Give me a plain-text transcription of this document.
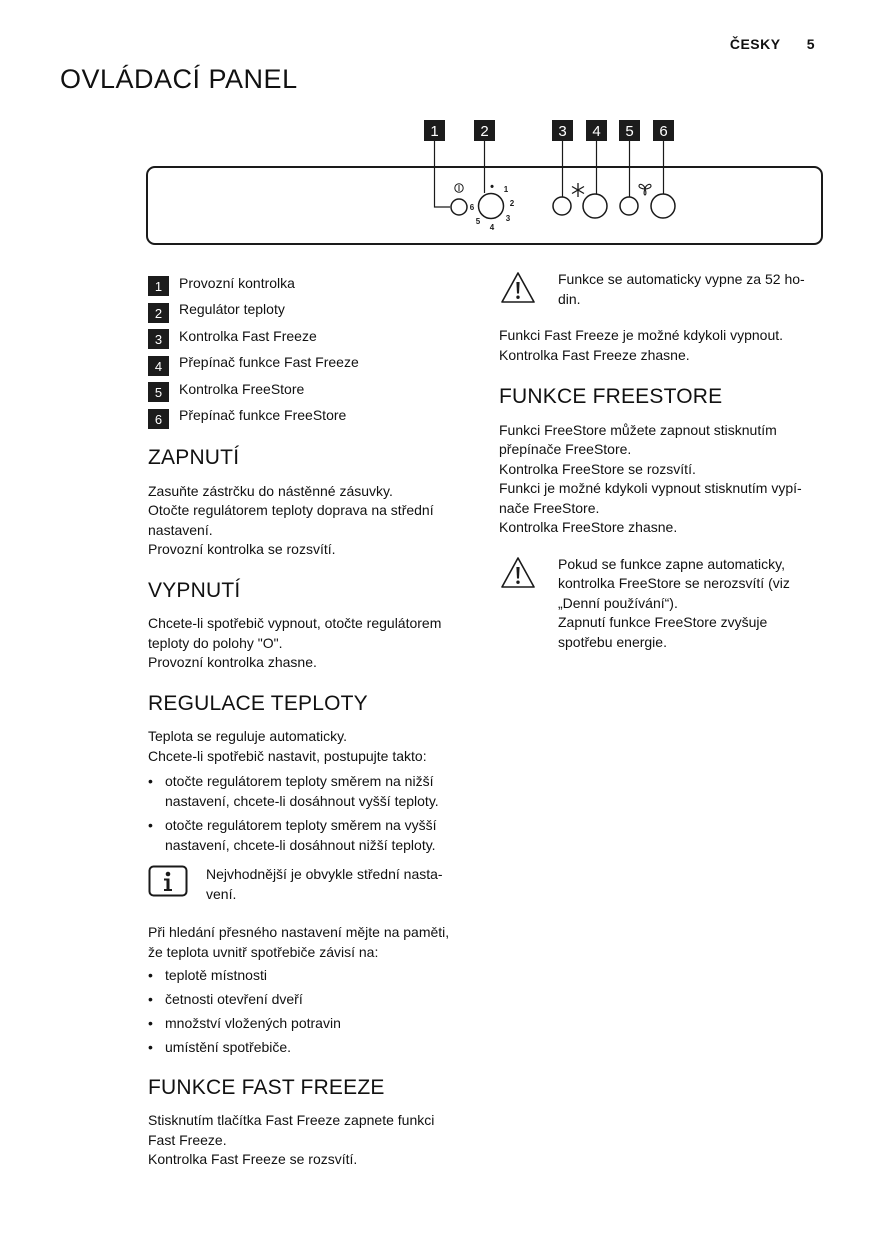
ČESKY 5
OVLÁDACÍ PANEL
1	2	3 4 5 6
• 1
2
3
4
5
6
1	Provozní kontrolka
2	Regulátor teploty
3	Kontrolka Fast Freeze
4	Přepínač funkce Fast Freeze
5	Kontrolka FreeStore
6	Přepínač funkce FreeStore
ZAPNUTÍ

Zasuňte zástrčku do nástěnné zásuvky.

Otočte regulátorem teploty doprava na střední

nastavení.

Provozní kontrolka se rozsvítí.

VYPNUTÍ

Chcete-li spotřebič vypnout, otočte regulátorem

teploty do polohy "O".

Provozní kontrolka zhasne.

REGULACE TEPLOTY

Teplota se reguluje automaticky.

Chcete-li spotřebič nastavit, postupujte takto:

• otočte regulátorem teploty směrem na nižší
nastavení, chcete-li dosáhnout vyšší teploty.
• otočte regulátorem teploty směrem na vyšší
nastavení, chcete-li dosáhnout nižší teploty.

Nejvhodnější je obvykle střední nasta-

vení.

Při hledání přesného nastavení mějte na paměti,

že teplota uvnitř spotřebiče závisí na:

• teplotě místnosti
• četnosti otevření dveří
• množství vložených potravin
• umístění spotřebiče.
FUNKCE FAST FREEZE

Stisknutím tlačítka Fast Freeze zapnete funkci

Fast Freeze.

Kontrolka Fast Freeze se rozsvítí.

Funkce se automaticky vypne za 52 ho-

din.

Funkci Fast Freeze je možné kdykoli vypnout.

Kontrolka Fast Freeze zhasne.

FUNKCE FREESTORE

Funkci FreeStore můžete zapnout stisknutím

přepínače FreeStore.

Kontrolka FreeStore se rozsvítí.

Funkci je možné kdykoli vypnout stisknutím vypí-

nače FreeStore.

Kontrolka FreeStore zhasne.

Pokud se funkce zapne automaticky,

kontrolka FreeStore se nerozsvítí (viz

„Denní používání“).

Zapnutí funkce FreeStore zvyšuje

spotřebu energie.
